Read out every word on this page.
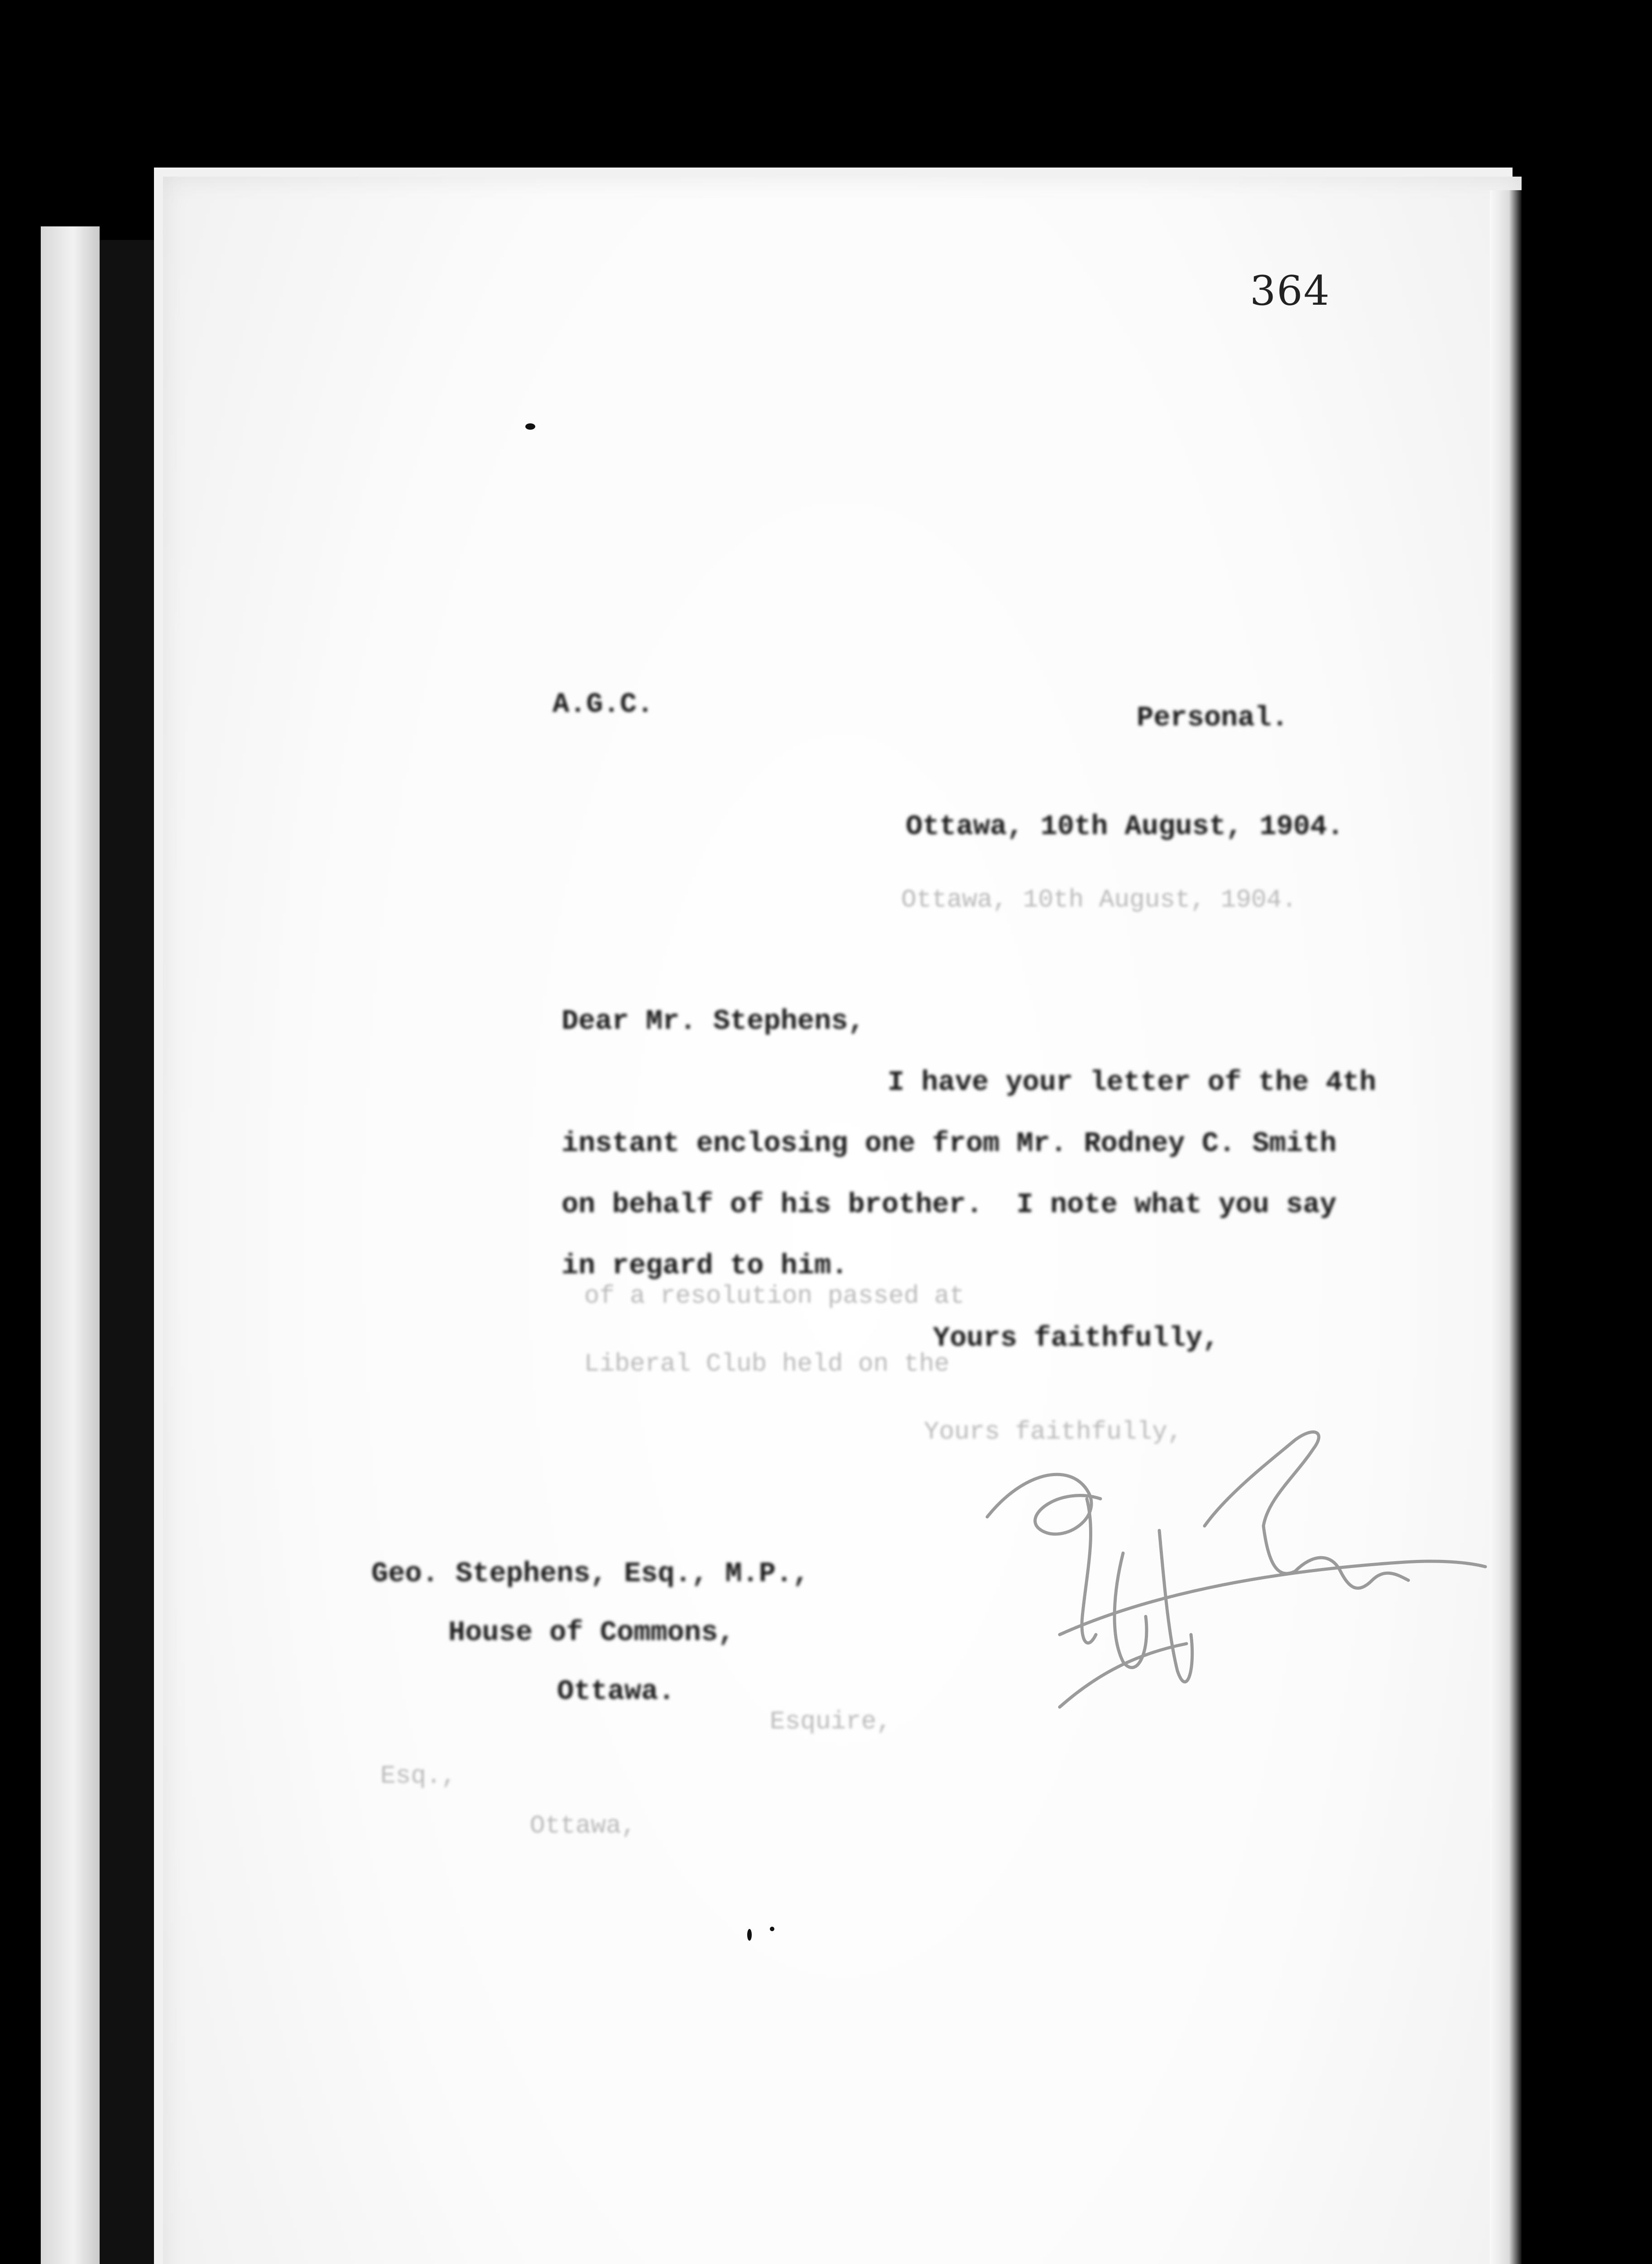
364
Ottawa, 10th August, 1904.
of a resolution passed at
Liberal Club held on the
Yours faithfully,
Esquire,
Esq.,
Ottawa,
A.G.C.	Personal.
Ottawa, 10th August, 1904.
Dear Mr. Stephens,
I have your letter of the 4th
instant enclosing one from Mr. Rodney C. Smith
on behalf of his brother.  I note what you say
in regard to him.
Yours faithfully,
Geo. Stephens, Esq., M.P.,
House of Commons,
Ottawa.
